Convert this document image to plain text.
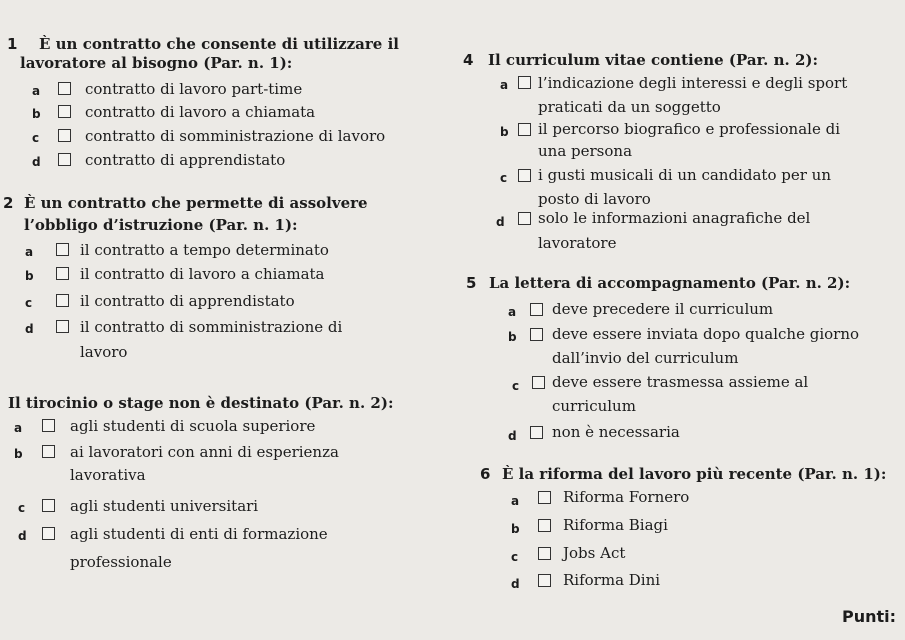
1 È un contratto che consente di utilizzare il
lavoratore al bisogno (Par. n. 1):
a	contratto di lavoro part-time
b	contratto di lavoro a chiamata
c	contratto di somministrazione di lavoro
d	contratto di apprendistato
2 È un contratto che permette di assolvere
l’obbligo d’istruzione (Par. n. 1):
a	il contratto a tempo determinato
b	il contratto di lavoro a chiamata
c	il contratto di apprendistato
d	il contratto di somministrazione di
lavoro
Il tirocinio o stage non è destinato (Par. n. 2):
a	agli studenti di scuola superiore
b	ai lavoratori con anni di esperienza
lavorativa
c	agli studenti universitari
d	agli studenti di enti di formazione
professionale
4 Il curriculum vitae contiene (Par. n. 2):
a l’indicazione degli interessi e degli sport
praticati da un soggetto
b il percorso biografico e professionale di
una persona
c i gusti musicali di un candidato per un
posto di lavoro
d solo le informazioni anagrafiche del
lavoratore
5 La lettera di accompagnamento (Par. n. 2):
a deve precedere il curriculum
b deve essere inviata dopo qualche giorno
dall’invio del curriculum
c deve essere trasmessa assieme al
curriculum
d non è necessaria
6 È la riforma del lavoro più recente (Par. n. 1):
a	Riforma Fornero
b	Riforma Biagi
c	Jobs Act
d	Riforma Dini
Punti:
